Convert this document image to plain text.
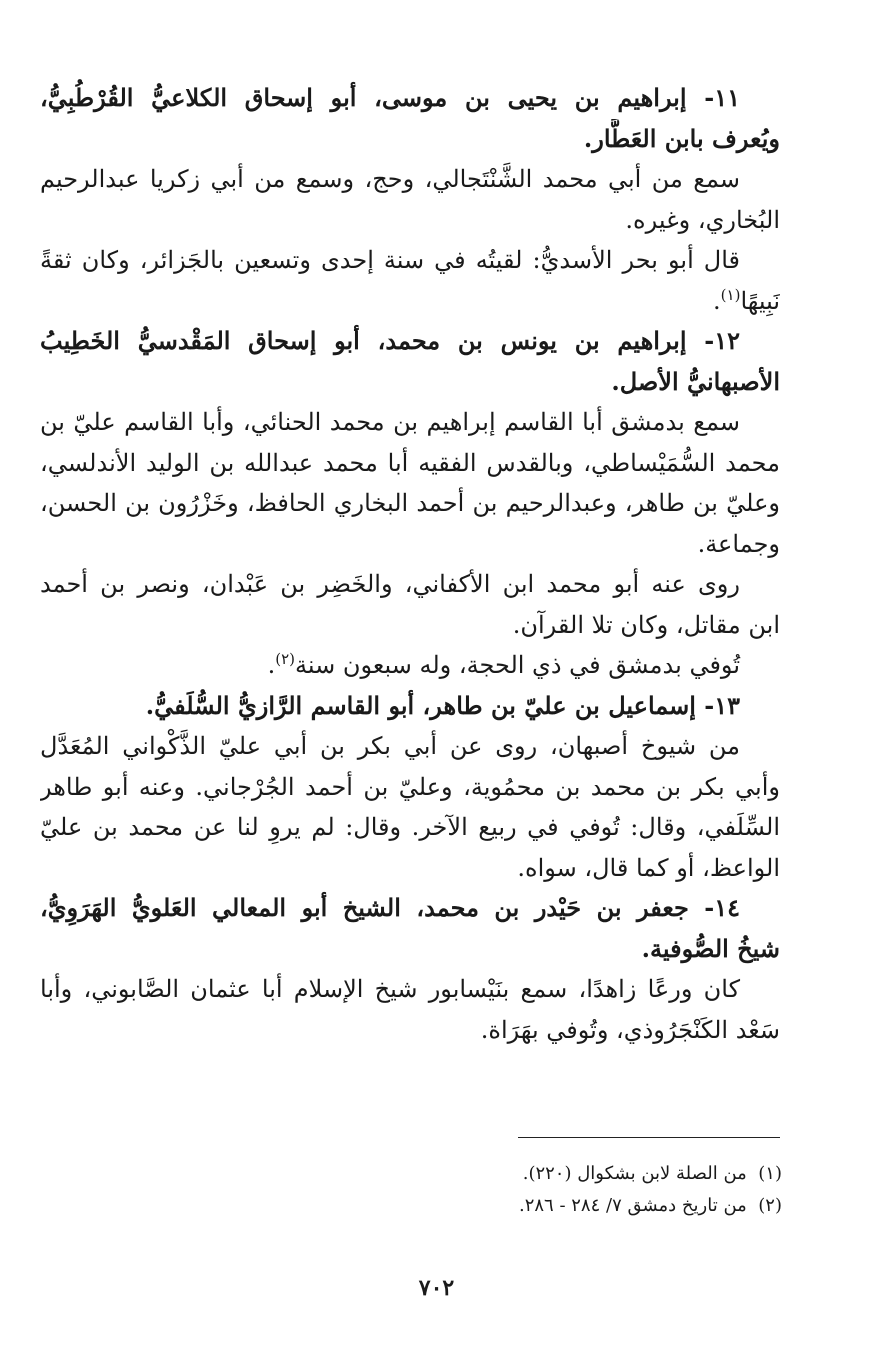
١١- إبراهيم بن يحيى بن موسى، أبو إسحاق الكلاعيُّ القُرْطُبِيُّ،
ويُعرف بابن العَطَّار.
سمع من أبي محمد الشَّنْتَجالي، وحج، وسمع من أبي زكريا عبدالرحيم
البُخاري، وغيره.
قال أبو بحر الأسديُّ: لقيتُه في سنة إحدى وتسعين بالجَزائر، وكان ثقةً
نَبِيهًا$^{(١)}$.
١٢- إبراهيم بن يونس بن محمد، أبو إسحاق المَقْدسيُّ الخَطِيبُ
الأصبهانيُّ الأصل.
سمع بدمشق أبا القاسم إبراهيم بن محمد الحنائي، وأبا القاسم عليّ بن
محمد السُّمَيْساطي، وبالقدس الفقيه أبا محمد عبدالله بن الوليد الأندلسي،
وعليّ بن طاهر، وعبدالرحيم بن أحمد البخاري الحافظ، وخَزْرُون بن الحسن،
وجماعة.
روى عنه أبو محمد ابن الأكفاني، والخَضِر بن عَبْدان، ونصر بن أحمد
ابن مقاتل، وكان تلا القرآن.
تُوفي بدمشق في ذي الحجة، وله سبعون سنة$^{(٢)}$.
١٣- إسماعيل بن عليّ بن طاهر، أبو القاسم الرَّازيُّ السُّلَفيُّ.
من شيوخ أصبهان، روى عن أبي بكر بن أبي عليّ الذَّكْواني المُعَدَّل
وأبي بكر بن محمد بن محمُوية، وعليّ بن أحمد الجُرْجاني. وعنه أبو طاهر
السِّلَفي، وقال: تُوفي في ربيع الآخر. وقال: لم يروِ لنا عن محمد بن عليّ
الواعظ، أو كما قال، سواه.
١٤- جعفر بن حَيْدر بن محمد، الشيخ أبو المعالي العَلويُّ الهَرَوِيُّ،
شيخُ الصُّوفية.
كان ورعًا زاهدًا، سمع بنَيْسابور شيخ الإسلام أبا عثمان الصَّابوني، وأبا
سَعْد الكَنْجَرُوذي، وتُوفي بهَرَاة.
(١)  من الصلة لابن بشكوال (٢٢٠).
(٢)  من تاريخ دمشق ٧/ ٢٨٤ - ٢٨٦.
٧٠٢
